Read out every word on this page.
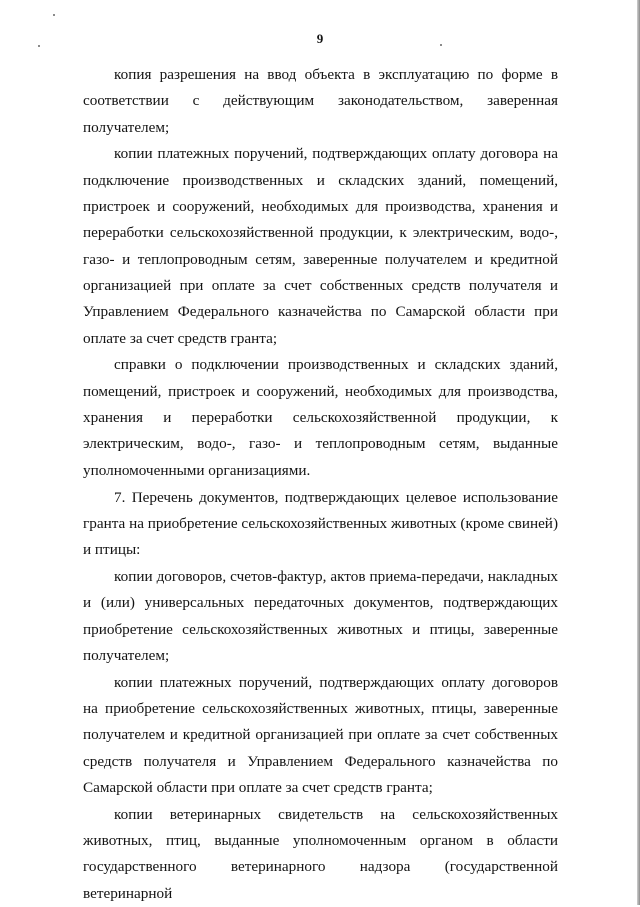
9

копия разрешения на ввод объекта в эксплуатацию по форме в соответствии с действующим законодательством, заверенная получателем;

копии платежных поручений, подтверждающих оплату договора на подключение производственных и складских зданий, помещений, пристроек и сооружений, необходимых для производства, хранения и переработки сельскохозяйственной продукции, к электрическим, водо-, газо- и теплопроводным сетям, заверенные получателем и кредитной организацией при оплате за счет собственных средств получателя и Управлением Федерального казначейства по Самарской области при оплате за счет средств гранта;

справки о подключении производственных и складских зданий, помещений, пристроек и сооружений, необходимых для производства, хранения и переработки сельскохозяйственной продукции, к электрическим, водо-, газо- и теплопроводным сетям, выданные уполномоченными организациями.

7. Перечень документов, подтверждающих целевое использование гранта на приобретение сельскохозяйственных животных (кроме свиней) и птицы:

копии договоров, счетов-фактур, актов приема-передачи, накладных и (или) универсальных передаточных документов, подтверждающих приобретение сельскохозяйственных животных и птицы, заверенные получателем;

копии платежных поручений, подтверждающих оплату договоров на приобретение сельскохозяйственных животных, птицы, заверенные получателем и кредитной организацией при оплате за счет собственных средств получателя и Управлением Федерального казначейства по Самарской области при оплате за счет средств гранта;

копии ветеринарных свидетельств на сельскохозяйственных животных, птиц, выданные уполномоченным органом в области государственного ветеринарного надзора (государственной ветеринарной
